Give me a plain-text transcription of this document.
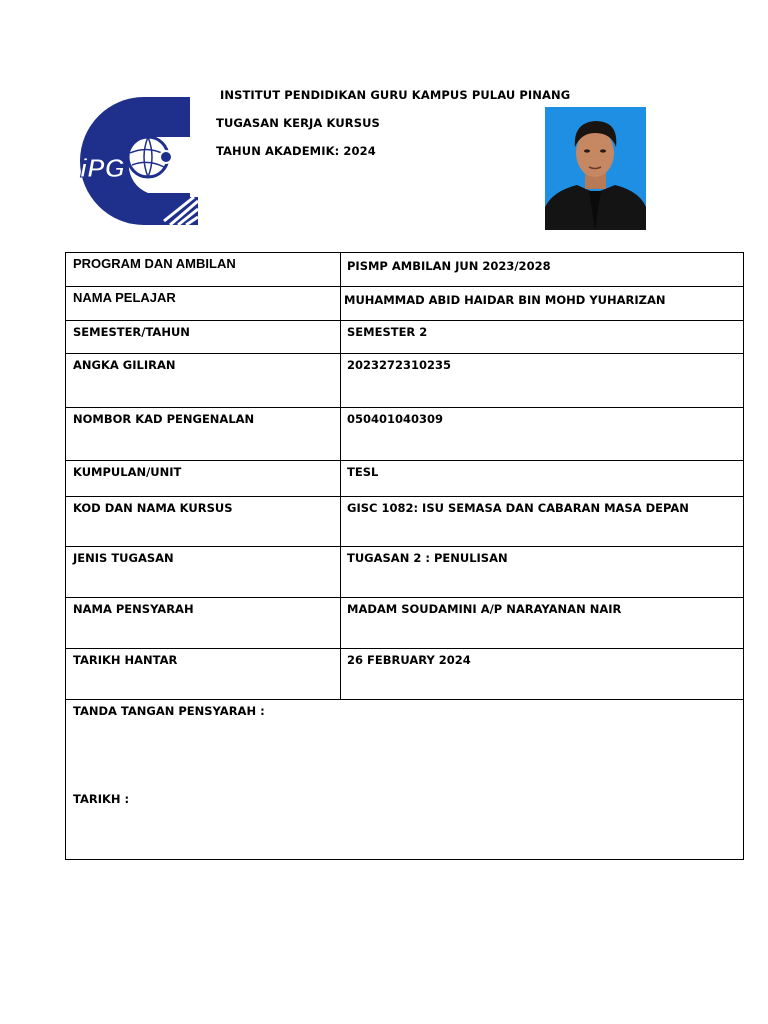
iPG
INSTITUT PENDIDIKAN GURU KAMPUS PULAU PINANG
TUGASAN KERJA KURSUS
TAHUN AKADEMIK: 2024
PROGRAM DAN AMBILAN	PISMP AMBILAN JUN 2023/2028
NAMA PELAJAR	MUHAMMAD ABID HAIDAR BIN MOHD YUHARIZAN
SEMESTER/TAHUN	SEMESTER 2
ANGKA GILIRAN	2023272310235
NOMBOR KAD PENGENALAN	050401040309
KUMPULAN/UNIT	TESL
KOD DAN NAMA KURSUS	GISC 1082: ISU SEMASA DAN CABARAN MASA DEPAN
JENIS TUGASAN	TUGASAN 2 : PENULISAN
NAMA PENSYARAH	MADAM SOUDAMINI A/P NARAYANAN NAIR
TARIKH HANTAR	26 FEBRUARY 2024
TANDA TANGAN PENSYARAH :
TARIKH :	
